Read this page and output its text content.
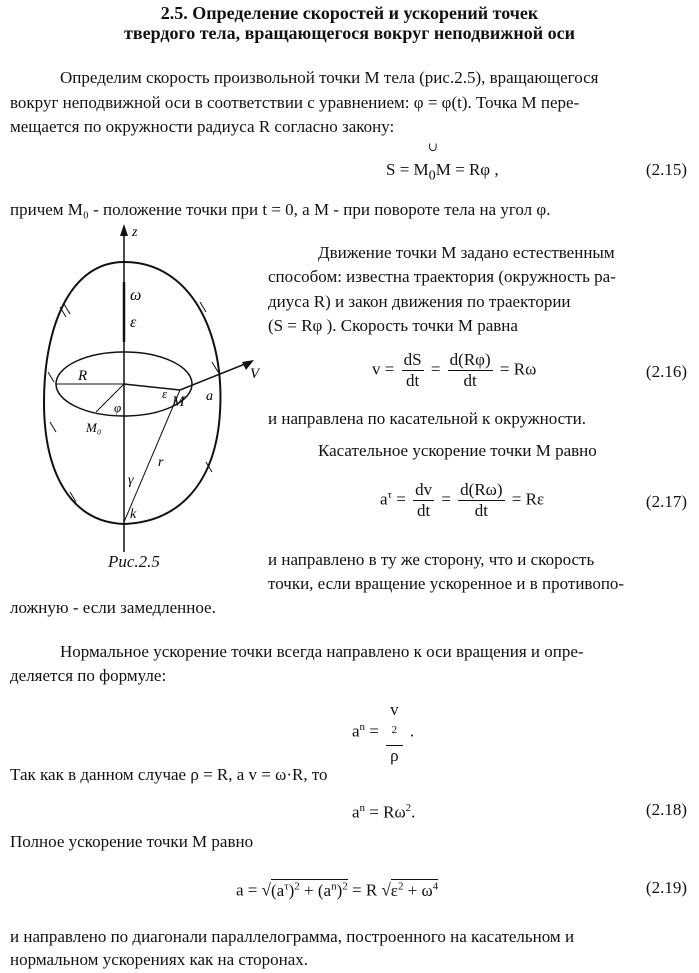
2.5. Определение скоростей и ускорений точек
твердого тела, вращающегося вокруг неподвижной оси
Определим скорость произвольной точки M тела (рис.2.5), вращающегося
вокруг неподвижной оси в соответствии с уравнением: φ = φ(t). Точка M пере-
мещается по окружности радиуса R согласно закону:
$S = M_0M = R\varphi$ ,
∪
(2.15)
причем M₀ - положение точки при t = 0, а M - при повороте тела на угол φ.
z
ω
ε
R
φ	M
M₀
V
a
r
k
ε
γ
Рис.2.5
Движение точки M задано естественным
способом: известна траектория (окружность ра-
диуса R) и закон движения по траектории
(S = Rφ ). Скорость точки M равна
$v = \frac{dS}{dt} = \frac{d(R\varphi)}{dt} = R\omega$	(2.16)
и направлена по касательной к окружности.
Касательное ускорение точки M равно
$a^\tau = \frac{dv}{dt} = \frac{d(R\omega)}{dt} = R\varepsilon$	(2.17)
и направлено в ту же сторону, что и скорость
точки, если вращение ускоренное и в противопо-
ложную - если замедленное.
Нормальное ускорение точки всегда направлено к оси вращения и опре-
деляется по формуле:
$a^n = v$
$^2$
ρ .
Так как в данном случае ρ = R, а v = ω·R, то
$a^n = R\omega^2$.	(2.18)
Полное ускорение точки M равно
$a = √(a^\tau)^2 + (a^n)^2 = R$ $√\varepsilon^2 + \omega^4$	(2.19)
и направлено по диагонали параллелограмма, построенного на касательном и
нормальном ускорениях как на сторонах.
